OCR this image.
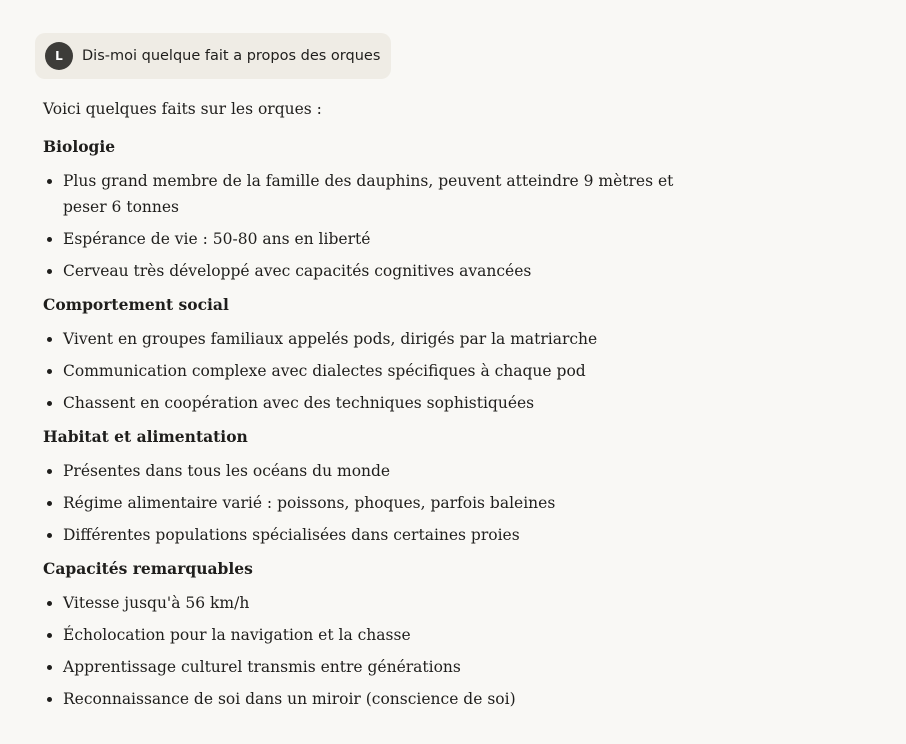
L	Dis-moi quelque fait a propos des orques

Voici quelques faits sur les orques :

Biologie
• Plus grand membre de la famille des dauphins, peuvent atteindre 9 mètres et peser 6 tonnes
• Espérance de vie : 50-80 ans en liberté
• Cerveau très développé avec capacités cognitives avancées
Comportement social
• Vivent en groupes familiaux appelés pods, dirigés par la matriarche
• Communication complexe avec dialectes spécifiques à chaque pod
• Chassent en coopération avec des techniques sophistiquées
Habitat et alimentation
• Présentes dans tous les océans du monde
• Régime alimentaire varié : poissons, phoques, parfois baleines
• Différentes populations spécialisées dans certaines proies
Capacités remarquables
• Vitesse jusqu'à 56 km/h
• Écholocation pour la navigation et la chasse
• Apprentissage culturel transmis entre générations
• Reconnaissance de soi dans un miroir (conscience de soi)
